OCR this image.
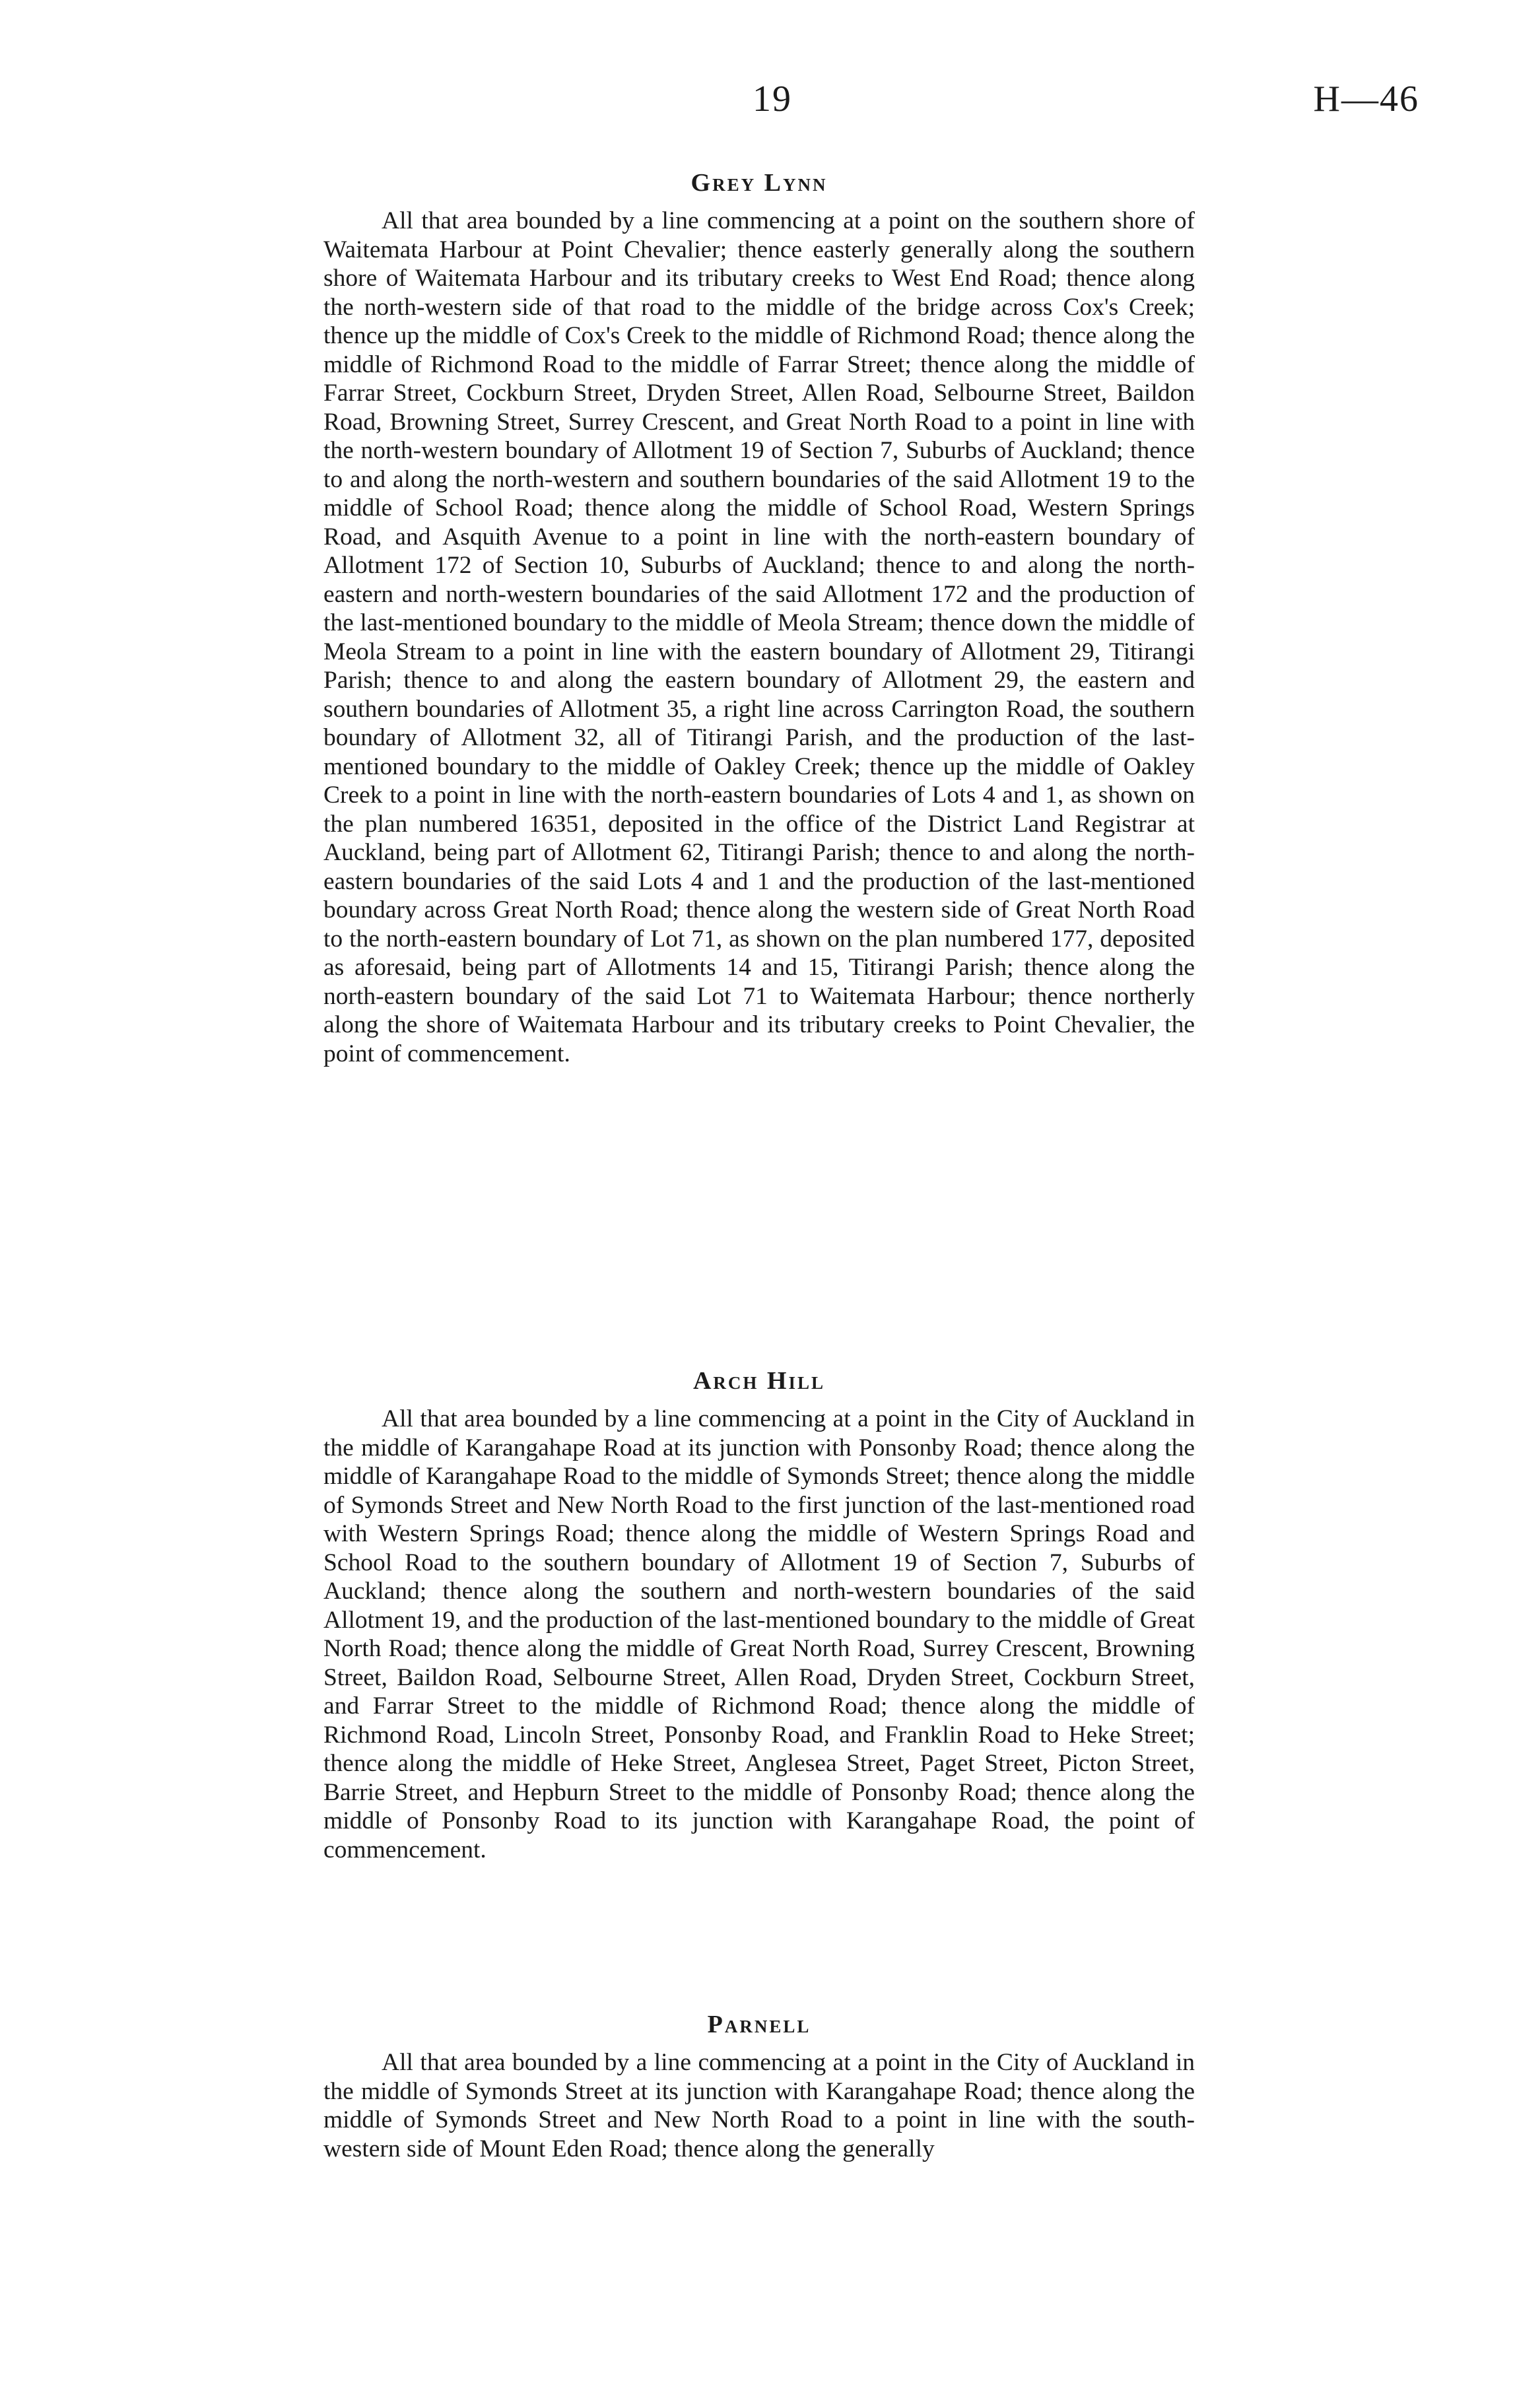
19	H—46
Grey Lynn

All that area bounded by a line commencing at a point on the southern shore of Waitemata Harbour at Point Chevalier; thence easterly generally along the southern shore of Waitemata Harbour and its tributary creeks to West End Road; thence along the north-western side of that road to the middle of the bridge across Cox's Creek; thence up the middle of Cox's Creek to the middle of Richmond Road; thence along the middle of Richmond Road to the middle of Farrar Street; thence along the middle of Farrar Street, Cockburn Street, Dryden Street, Allen Road, Selbourne Street, Baildon Road, Browning Street, Surrey Crescent, and Great North Road to a point in line with the north-western boundary of Allotment 19 of Section 7, Suburbs of Auckland; thence to and along the north-western and southern boundaries of the said Allotment 19 to the middle of School Road; thence along the middle of School Road, Western Springs Road, and Asquith Avenue to a point in line with the north-eastern boundary of Allotment 172 of Section 10, Suburbs of Auckland; thence to and along the north-eastern and north-western boundaries of the said Allotment 172 and the production of the last-mentioned boundary to the middle of Meola Stream; thence down the middle of Meola Stream to a point in line with the eastern boundary of Allotment 29, Titirangi Parish; thence to and along the eastern boundary of Allotment 29, the eastern and southern boundaries of Allotment 35, a right line across Carrington Road, the southern boundary of Allotment 32, all of Titirangi Parish, and the production of the last-mentioned boundary to the middle of Oakley Creek; thence up the middle of Oakley Creek to a point in line with the north-eastern boundaries of Lots 4 and 1, as shown on the plan numbered 16351, deposited in the office of the District Land Registrar at Auckland, being part of Allotment 62, Titirangi Parish; thence to and along the north-eastern boundaries of the said Lots 4 and 1 and the production of the last-mentioned boundary across Great North Road; thence along the western side of Great North Road to the north-eastern boundary of Lot 71, as shown on the plan numbered 177, deposited as aforesaid, being part of Allotments 14 and 15, Titirangi Parish; thence along the north-eastern boundary of the said Lot 71 to Waitemata Harbour; thence northerly along the shore of Waitemata Harbour and its tributary creeks to Point Chevalier, the point of commencement.

Arch Hill

All that area bounded by a line commencing at a point in the City of Auckland in the middle of Karangahape Road at its junction with Ponsonby Road; thence along the middle of Karangahape Road to the middle of Symonds Street; thence along the middle of Symonds Street and New North Road to the first junction of the last-mentioned road with Western Springs Road; thence along the middle of Western Springs Road and School Road to the southern boundary of Allotment 19 of Section 7, Suburbs of Auckland; thence along the southern and north-western boundaries of the said Allotment 19, and the production of the last-mentioned boundary to the middle of Great North Road; thence along the middle of Great North Road, Surrey Crescent, Browning Street, Baildon Road, Selbourne Street, Allen Road, Dryden Street, Cockburn Street, and Farrar Street to the middle of Richmond Road; thence along the middle of Richmond Road, Lincoln Street, Ponsonby Road, and Franklin Road to Heke Street; thence along the middle of Heke Street, Anglesea Street, Paget Street, Picton Street, Barrie Street, and Hepburn Street to the middle of Ponsonby Road; thence along the middle of Ponsonby Road to its junction with Karangahape Road, the point of commencement.

Parnell

All that area bounded by a line commencing at a point in the City of Auckland in the middle of Symonds Street at its junction with Karangahape Road; thence along the middle of Symonds Street and New North Road to a point in line with the south-western side of Mount Eden Road; thence along the generally
